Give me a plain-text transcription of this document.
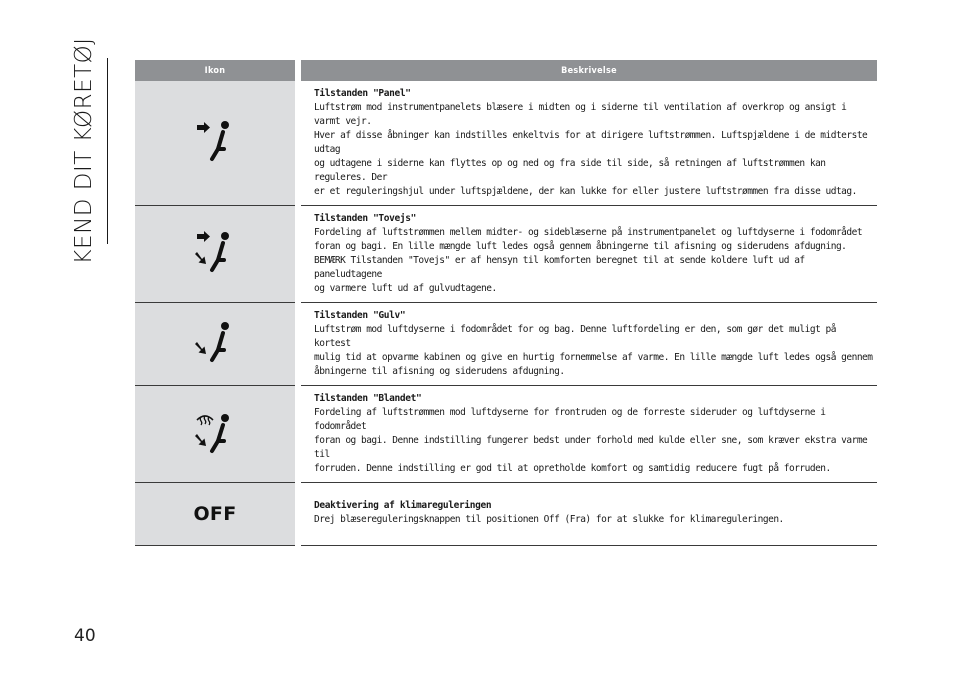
KEND DIT KØRETØJ	Ikon	Beskrivelse

Tilstanden "Panel"
Luftstrøm mod instrumentpanelets blæsere i midten og i siderne til ventilation af overkrop og ansigt i varmt vejr.
Hver af disse åbninger kan indstilles enkeltvis for at dirigere luftstrømmen. Luftspjældene i de midterste udtag
og udtagene i siderne kan flyttes op og ned og fra side til side, så retningen af luftstrømmen kan reguleres. Der
er et reguleringshjul under luftspjældene, der kan lukke for eller justere luftstrømmen fra disse udtag.

Tilstanden "Tovejs"
Fordeling af luftstrømmen mellem midter- og sideblæserne på instrumentpanelet og luftdyserne i fodområdet
foran og bagi. En lille mængde luft ledes også gennem åbningerne til afisning og siderudens afdugning.
BEMÆRK Tilstanden "Tovejs" er af hensyn til komforten beregnet til at sende koldere luft ud af paneludtagene
og varmere luft ud af gulvudtagene.

Tilstanden "Gulv"
Luftstrøm mod luftdyserne i fodområdet for og bag. Denne luftfordeling er den, som gør det muligt på kortest
mulig tid at opvarme kabinen og give en hurtig fornemmelse af varme. En lille mængde luft ledes også gennem
åbningerne til afisning og siderudens afdugning.

Tilstanden "Blandet"
Fordeling af luftstrømmen mod luftdyserne for frontruden og de forreste sideruder og luftdyserne i fodområdet
foran og bagi. Denne indstilling fungerer bedst under forhold med kulde eller sne, som kræver ekstra varme til
forruden. Denne indstilling er god til at opretholde komfort og samtidig reducere fugt på forruden.

OFF	Deaktivering af klimareguleringen
Drej blæsereguleringsknappen til positionen Off (Fra) for at slukke for klimareguleringen.
40
